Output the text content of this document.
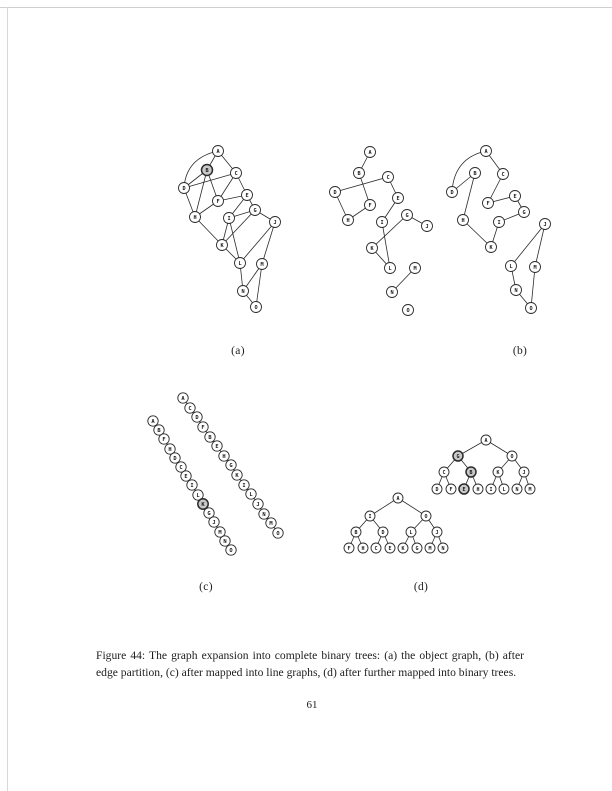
A
B	C
D
E
F
G
H	I
J
K
L	M
N
O
A
B
C
D
E
F
G
H	I
J
K
L	M
N
O
A
B	C
D
E
F
G
H	I	J
K
L	M
N
O
A
C
D
F
B
E
H
G
K
I
L
J
N
M
O
A
B
F
H
D
C
E
I
L
K
G
J
M
N
O
A
G	O
C	B	K	J
D F E H I L N M
A
I	O
B	D	L	J
F H C E K G M N
(a)	(b)
(c)	(d)
Figure 44: The graph expansion into complete binary trees: (a) the object graph, (b) after edge partition, (c) after mapped into line graphs, (d) after further mapped into binary trees.
61
